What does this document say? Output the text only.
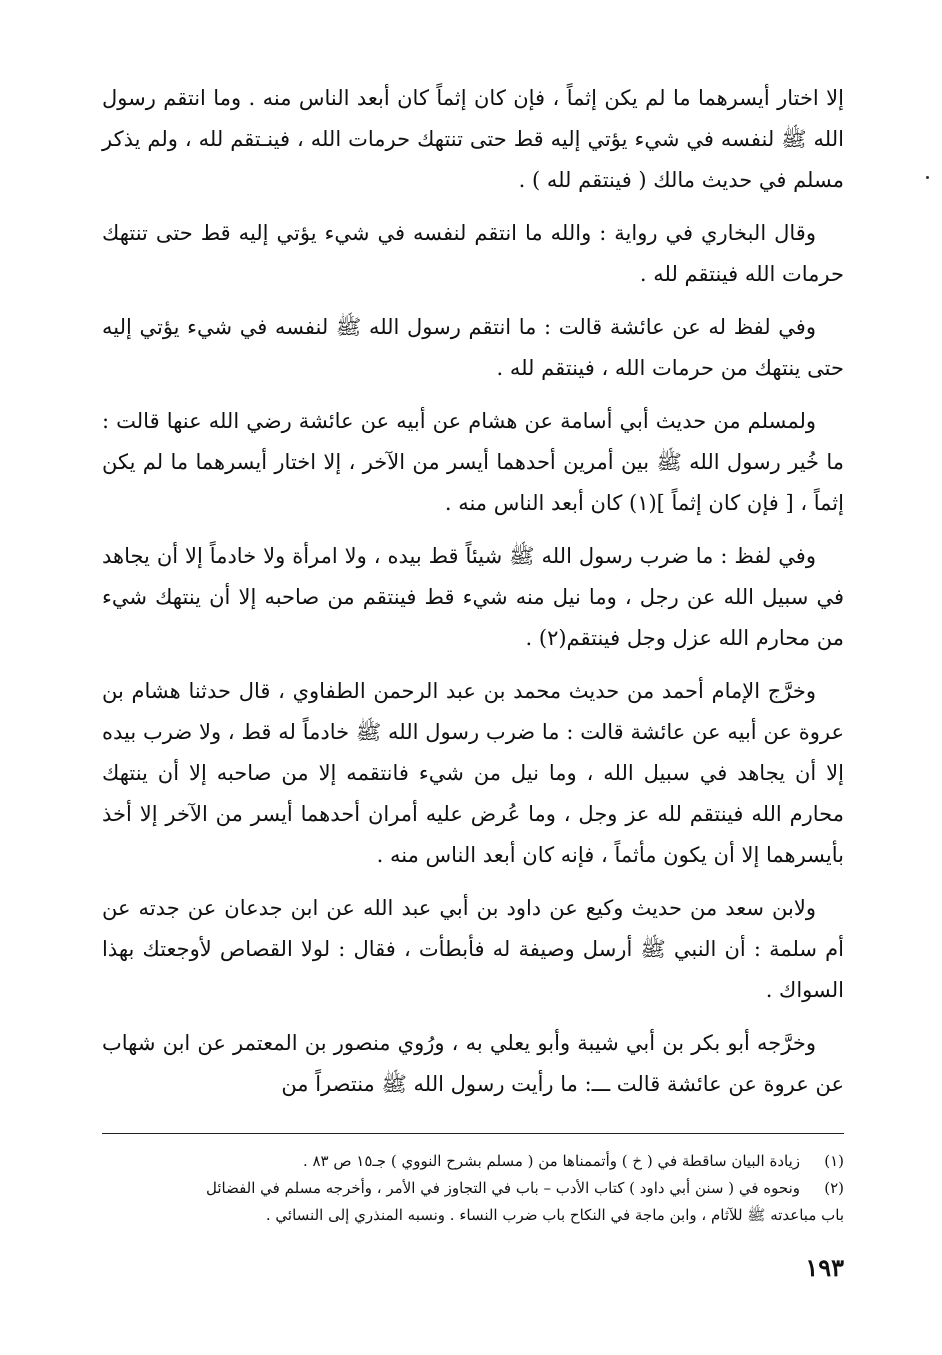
إلا اختار أيسرهما ما لم يكن إثماً ، فإن كان إثماً كان أبعد الناس منه . وما انتقم رسول الله ﷺ لنفسه في شيء يؤتي إليه قط حتى تنتهك حرمات الله ، فينـتقم لله ، ولم يذكر مسلم في حديث مالك ( فينتقم لله ) .

وقال البخاري في رواية : والله ما انتقم لنفسه في شيء يؤتي إليه قط حتى تنتهك حرمات الله فينتقم لله .

وفي لفظ له عن عائشة قالت : ما انتقم رسول الله ﷺ لنفسه في شيء يؤتي إليه حتى ينتهك من حرمات الله ، فينتقم لله .

ولمسلم من حديث أبي أسامة عن هشام عن أبيه عن عائشة رضي الله عنها قالت : ما خُير رسول الله ﷺ بين أمرين أحدهما أيسر من الآخر ، إلا اختار أيسرهما ما لم يكن إثماً ، [ فإن كان إثماً ](١) كان أبعد الناس منه .

وفي لفظ : ما ضرب رسول الله ﷺ شيئاً قط بيده ، ولا امرأة ولا خادماً إلا أن يجاهد في سبيل الله عن رجل ، وما نيل منه شيء قط فينتقم من صاحبه إلا أن ينتهك شيء من محارم الله عزل وجل فينتقم(٢) .

وخرَّج الإمام أحمد من حديث محمد بن عبد الرحمن الطفاوي ، قال حدثنا هشام بن عروة عن أبيه عن عائشة قالت : ما ضرب رسول الله ﷺ خادماً له قط ، ولا ضرب بيده إلا أن يجاهد في سبيل الله ، وما نيل من شيء فانتقمه إلا من صاحبه إلا أن ينتهك محارم الله فينتقم لله عز وجل ، وما عُرض عليه أمران أحدهما أيسر من الآخر إلا أخذ بأيسرهما إلا أن يكون مأثماً ، فإنه كان أبعد الناس منه .

ولابن سعد من حديث وكيع عن داود بن أبي عبد الله عن ابن جدعان عن جدته عن أم سلمة : أن النبي ﷺ أرسل وصيفة له فأبطأت ، فقال : لولا القصاص لأوجعتك بهذا السواك .

وخرَّجه أبو بكر بن أبي شيبة وأبو يعلي به ، ورُوي منصور بن المعتمر عن ابن شهاب عن عروة عن عائشة قالت ـــ: ما رأيت رسول الله ﷺ منتصراً من

(١)
زيادة البيان ساقطة في ( خ ) وأتممناها من ( مسلم بشرح النووي ) جـ١٥ ص ٨٣ .
(٢)
ونحوه في ( سنن أبي داود ) كتاب الأدب – باب في التجاوز في الأمر ، وأخرجه مسلم في الفضائل
باب مباعدته ﷺ للآثام ، وابن ماجة في النكاح باب ضرب النساء . ونسبه المنذري إلى النسائي .
١٩٣
